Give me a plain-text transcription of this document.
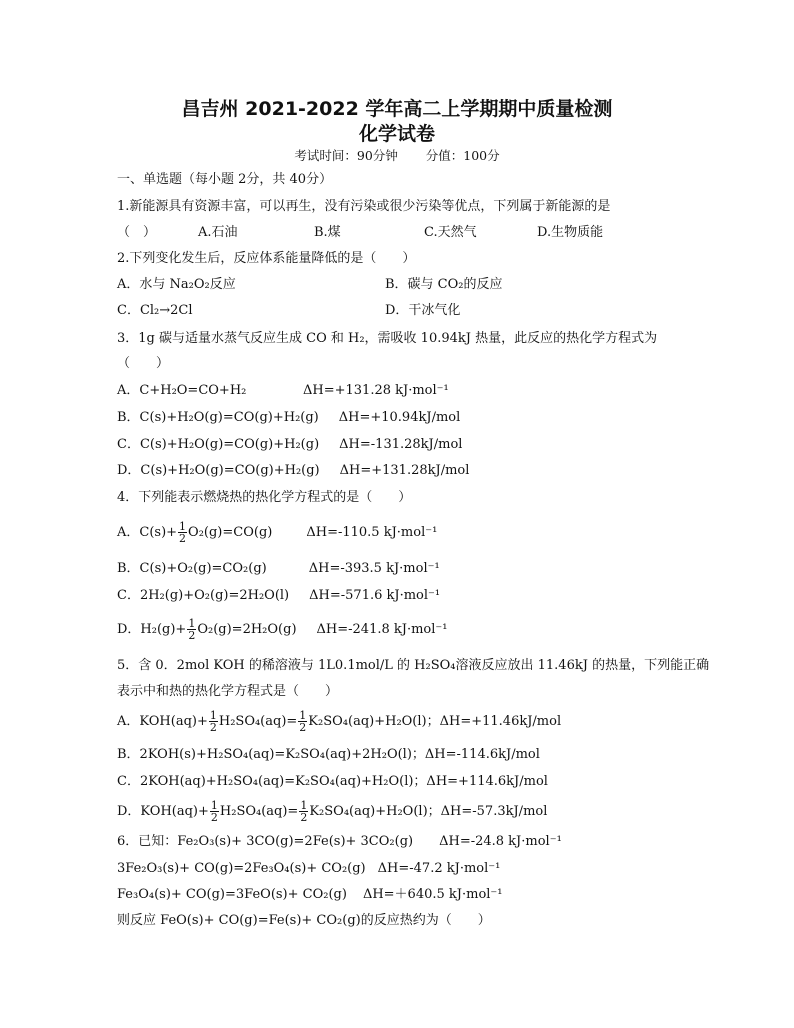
昌吉州 2021-2022 学年高二上学期期中质量检测
化学试卷
考试时间：90分钟 分值：100分
一、单选题（每小题 2分，共 40分）
1.新能源具有资源丰富，可以再生，没有污染或很少污染等优点，下列属于新能源的是
（　）	A.石油	B.煤	C.天然气	D.生物质能
2.下列变化发生后，反应体系能量降低的是（　　）
A．水与 Na₂O₂反应	B．碳与 CO₂的反应
C．Cl₂→2Cl	D．干冰气化
3．1g 碳与适量水蒸气反应生成 CO 和 H₂，需吸收 10.94kJ 热量，此反应的热化学方程式为
（　　）
A．C+H₂O=CO+H₂	ΔH=+131.28 kJ·mol⁻¹
B．C(s)+H₂O(g)=CO(g)+H₂(g) ΔH=+10.94kJ/mol
C．C(s)+H₂O(g)=CO(g)+H₂(g) ΔH=-131.28kJ/mol
D．C(s)+H₂O(g)=CO(g)+H₂(g) ΔH=+131.28kJ/mol
4．下列能表示燃烧热的热化学方程式的是（　　）
A．$C(s)+ \frac{1}{2} O_2(g)=CO(g)$	ΔH=-110.5 kJ·mol⁻¹
B．C(s)+O₂(g)=CO₂(g)	ΔH=-393.5 kJ·mol⁻¹
C．2H₂(g)+O₂(g)=2H₂O(l) ΔH=-571.6 kJ·mol⁻¹
D．$H_2(g)+ \frac{1}{2} O_2(g)=2H_2O(g)$ ΔH=-241.8 kJ·mol⁻¹
5．含 0．2mol KOH 的稀溶液与 1L0.1mol/L 的 H₂SO₄溶液反应放出 11.46kJ 的热量，下列能正确
表示中和热的热化学方程式是（　　）
A．$KOH(aq)+ \frac{1}{2} H_2SO_4(aq)= \frac{1}{2} K_2SO_4(aq)+H_2O(l)$；ΔH=+11.46kJ/mol
B．2KOH(s)+H₂SO₄(aq)=K₂SO₄(aq)+2H₂O(l)；ΔH=-114.6kJ/mol
C．2KOH(aq)+H₂SO₄(aq)=K₂SO₄(aq)+H₂O(l)；ΔH=+114.6kJ/mol
D．$KOH(aq)+ \frac{1}{2} H_2SO_4(aq)= \frac{1}{2} K_2SO_4(aq)+H_2O(l)$；ΔH=-57.3kJ/mol
6．已知：Fe₂O₃(s)+ 3CO(g)=2Fe(s)+ 3CO₂(g) ΔH=-24.8 kJ·mol⁻¹
3Fe₂O₃(s)+ CO(g)=2Fe₃O₄(s)+ CO₂(g) ΔH=-47.2 kJ·mol⁻¹
Fe₃O₄(s)+ CO(g)=3FeO(s)+ CO₂(g) ΔH=＋640.5 kJ·mol⁻¹
则反应 FeO(s)+ CO(g)=Fe(s)+ CO₂(g)的反应热约为（　　）
